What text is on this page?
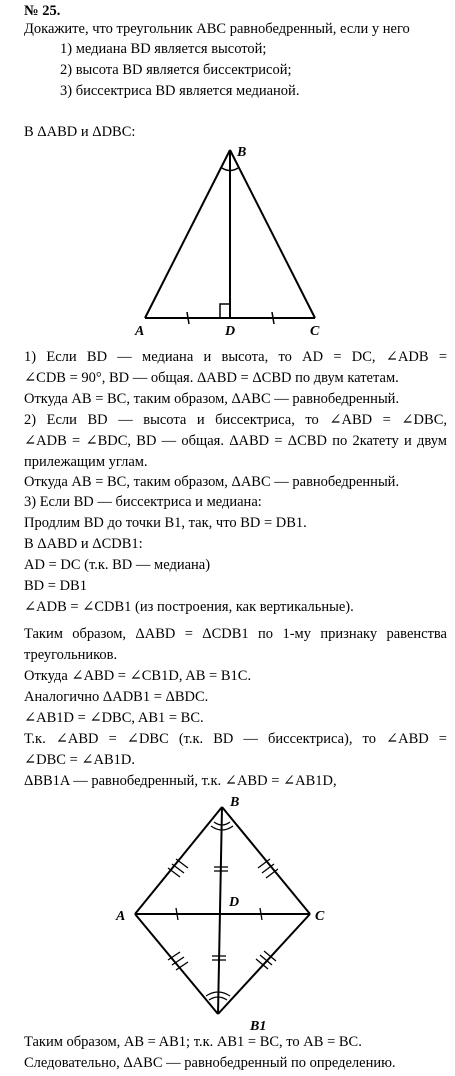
№ 25.
Докажите, что треугольник ABC равнобедренный, если у него
1) медиана BD является высотой;
2) высота BD является биссектрисой;
3) биссектриса BD является медианой.
В ΔABD и ΔDBC:
A
B
C
D
1) Если BD — медиана и высота, то AD = DC, ∠ADB =
∠CDB = 90°, BD — общая. ΔABD = ΔCBD по двум катетам.
Откуда AB = BC, таким образом, ΔABC — равнобедренный.
2) Если BD — высота и биссектриса, то ∠ABD = ∠DBC,
∠ADB = ∠BDC, BD — общая. ΔABD = ΔCBD по 2катету и двум
прилежащим углам.
Откуда AB = BC, таким образом, ΔABC — равнобедренный.
3) Если BD — биссектриса и медиана:
Продлим BD до точки B1, так, что BD = DB1.
В ΔABD и ΔCDB1:
AD = DC (т.к. BD — медиана)
BD = DB1
∠ADB = ∠CDB1 (из построения, как вертикальные).
Таким образом, ΔABD = ΔCDB1 по 1-му признаку равенства
треугольников.
Откуда ∠ABD = ∠CB1D, AB = B1C.
Аналогично ΔADB1 = ΔBDC.
∠AB1D = ∠DBC, AB1 = BC.
Т.к. ∠ABD = ∠DBC (т.к. BD — биссектриса), то ∠ABD =
∠DBC = ∠AB1D.
ΔBB1A — равнобедренный, т.к. ∠ABD = ∠AB1D,
A
B
C
D
B1
Таким образом, AB = AB1; т.к. AB1 = BC, то AB = BC.
Следовательно, ΔABC — равнобедренный по определению.
